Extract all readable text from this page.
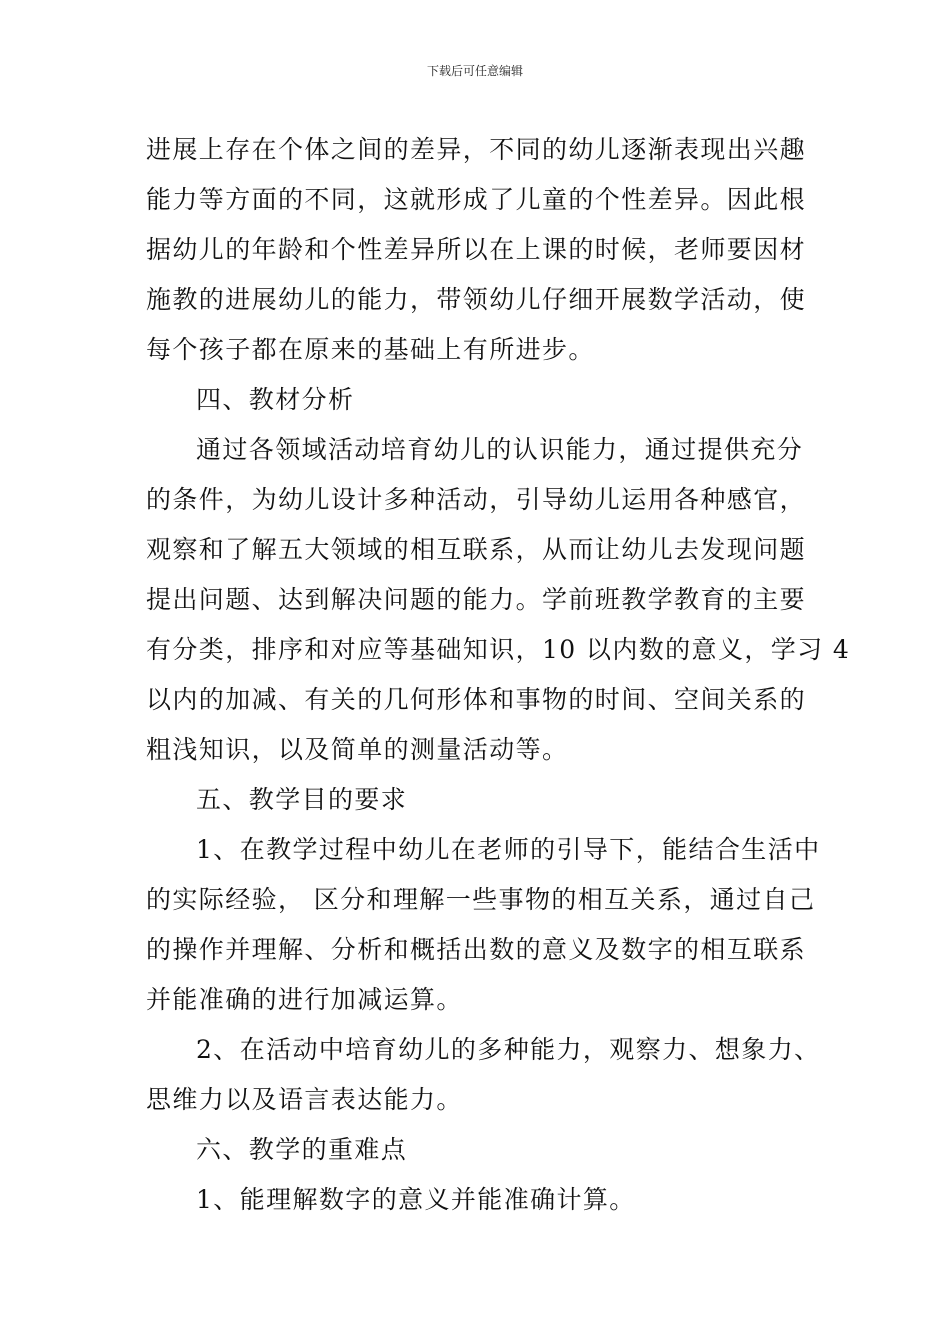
下载后可任意编辑
进展上存在个体之间的差异，不同的幼儿逐渐表现出兴趣
能力等方面的不同，这就形成了儿童的个性差异。因此根
据幼儿的年龄和个性差异所以在上课的时候，老师要因材
施教的进展幼儿的能力，带领幼儿仔细开展数学活动，使
每个孩子都在原来的基础上有所进步。
四、教材分析
通过各领域活动培育幼儿的认识能力，通过提供充分
的条件，为幼儿设计多种活动，引导幼儿运用各种感官，
观察和了解五大领域的相互联系，从而让幼儿去发现问题
提出问题、达到解决问题的能力。学前班教学教育的主要
有分类，排序和对应等基础知识，10 以内数的意义，学习 4
以内的加减、有关的几何形体和事物的时间、空间关系的
粗浅知识，以及简单的测量活动等。
五、教学目的要求
1、在教学过程中幼儿在老师的引导下，能结合生活中
的实际经验， 区分和理解一些事物的相互关系，通过自己
的操作并理解、分析和概括出数的意义及数字的相互联系
并能准确的进行加减运算。
2、在活动中培育幼儿的多种能力，观察力、想象力、
思维力以及语言表达能力。
六、教学的重难点
1、能理解数字的意义并能准确计算。
